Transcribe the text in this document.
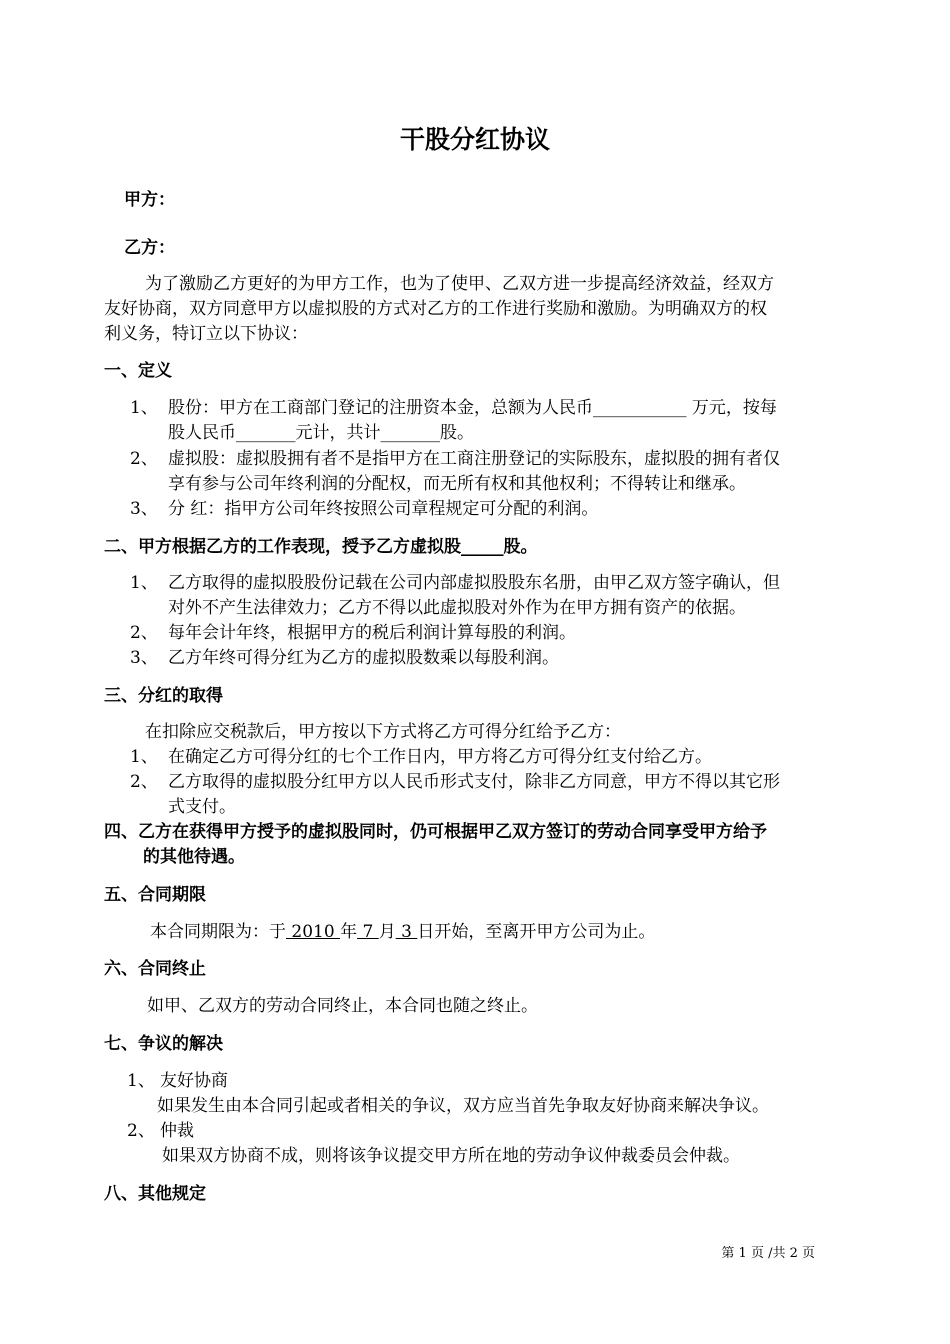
干股分红协议
甲方：
乙方：
为了激励乙方更好的为甲方工作，也为了使甲、乙双方进一步提高经济效益，经双方
友好协商，双方同意甲方以虚拟股的方式对乙方的工作进行奖励和激励。为明确双方的权
利义务，特订立以下协议：
一、定义
1、 股份：甲方在工商部门登记的注册资本金，总额为人民币___________ 万元，按每
股人民币_______元计，共计_______股。
2、 虚拟股：虚拟股拥有者不是指甲方在工商注册登记的实际股东，虚拟股的拥有者仅
享有参与公司年终利润的分配权，而无所有权和其他权利；不得转让和继承。
3、 分 红：指甲方公司年终按照公司章程规定可分配的利润。
二、甲方根据乙方的工作表现，授予乙方虚拟股_____股。
1、 乙方取得的虚拟股股份记载在公司内部虚拟股股东名册，由甲乙双方签字确认，但
对外不产生法律效力；乙方不得以此虚拟股对外作为在甲方拥有资产的依据。
2、 每年会计年终，根据甲方的税后利润计算每股的利润。
3、 乙方年终可得分红为乙方的虚拟股数乘以每股利润。
三、分红的取得
在扣除应交税款后，甲方按以下方式将乙方可得分红给予乙方：
1、 在确定乙方可得分红的七个工作日内，甲方将乙方可得分红支付给乙方。
2、 乙方取得的虚拟股分红甲方以人民币形式支付，除非乙方同意，甲方不得以其它形
式支付。
四、乙方在获得甲方授予的虚拟股同时，仍可根据甲乙双方签订的劳动合同享受甲方给予
的其他待遇。
五、合同期限
本合同期限为：于 2010 年 7 月 3 日开始，至离开甲方公司为止。
六、合同终止
如甲、乙双方的劳动合同终止，本合同也随之终止。
七、争议的解决
1、 友好协商
如果发生由本合同引起或者相关的争议，双方应当首先争取友好协商来解决争议。
2、 仲裁
如果双方协商不成，则将该争议提交甲方所在地的劳动争议仲裁委员会仲裁。
八、其他规定
第 1 页 /共 2 页
